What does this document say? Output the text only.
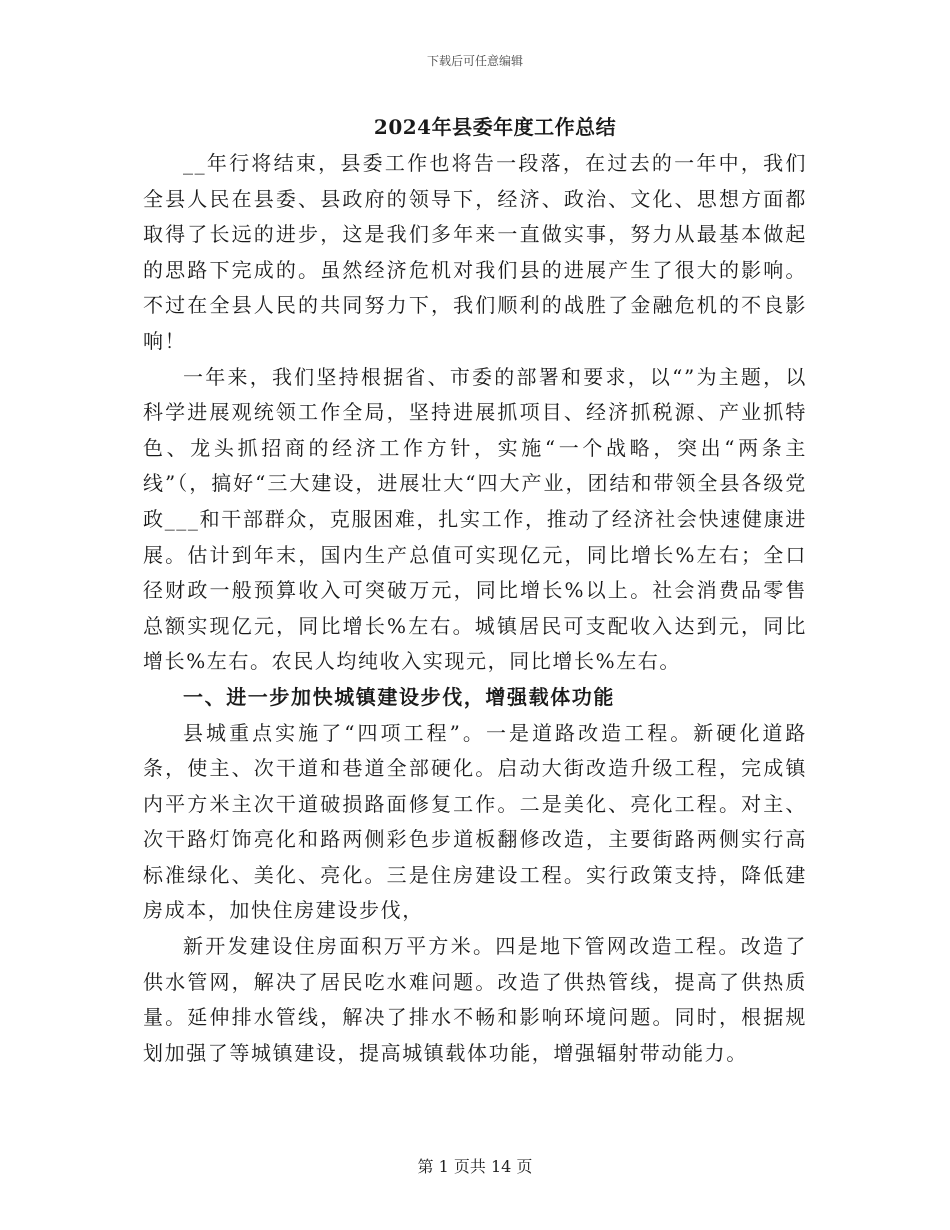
下载后可任意编辑
2024年县委年度工作总结

__年行将结束，县委工作也将告一段落，在过去的一年中，我们全县人民在县委、县政府的领导下，经济、政治、文化、思想方面都取得了长远的进步，这是我们多年来一直做实事，努力从最基本做起的思路下完成的。虽然经济危机对我们县的进展产生了很大的影响。不过在全县人民的共同努力下，我们顺利的战胜了金融危机的不良影响！

一年来，我们坚持根据省、市委的部署和要求，以“”为主题，以科学进展观统领工作全局，坚持进展抓项目、经济抓税源、产业抓特色、龙头抓招商的经济工作方针，实施“一个战略，突出“两条主线”（，搞好“三大建设，进展壮大“四大产业，团结和带领全县各级党政___和干部群众，克服困难，扎实工作，推动了经济社会快速健康进展。估计到年末，国内生产总值可实现亿元，同比增长%左右；全口径财政一般预算收入可突破万元，同比增长%以上。社会消费品零售总额实现亿元，同比增长%左右。城镇居民可支配收入达到元，同比增长%左右。农民人均纯收入实现元，同比增长%左右。

一、进一步加快城镇建设步伐，增强载体功能

县城重点实施了“四项工程”。一是道路改造工程。新硬化道路条，使主、次干道和巷道全部硬化。启动大街改造升级工程，完成镇内平方米主次干道破损路面修复工作。二是美化、亮化工程。对主、次干路灯饰亮化和路两侧彩色步道板翻修改造，主要街路两侧实行高标准绿化、美化、亮化。三是住房建设工程。实行政策支持，降低建房成本，加快住房建设步伐，

新开发建设住房面积万平方米。四是地下管网改造工程。改造了供水管网，解决了居民吃水难问题。改造了供热管线，提高了供热质量。延伸排水管线，解决了排水不畅和影响环境问题。同时，根据规划加强了等城镇建设，提高城镇载体功能，增强辐射带动能力。

第 1 页共 14 页
